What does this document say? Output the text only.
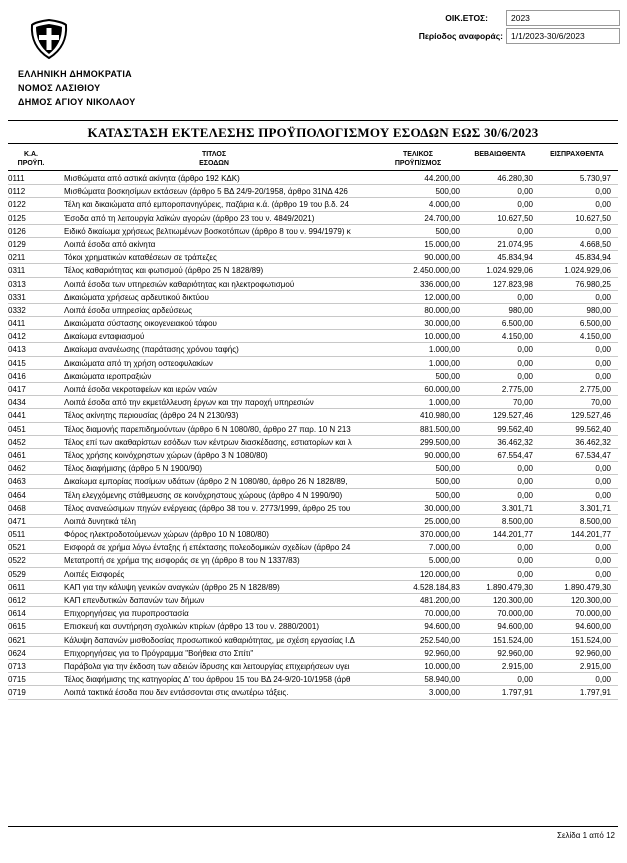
ΟΙΚ.ΕΤΟΣ:	2023
Περίοδος αναφοράς: 1/1/2023-30/6/2023
ΕΛΛΗΝΙΚΗ ΔΗΜΟΚΡΑΤΙΑ
ΝΟΜΟΣ ΛΑΣΙΘΙΟΥ
ΔΗΜΟΣ ΑΓΙΟΥ ΝΙΚΟΛΑΟΥ
ΚΑΤΑΣΤΑΣΗ ΕΚΤΕΛΕΣΗΣ ΠΡΟΫΠΟΛΟΓΙΣΜΟΥ ΕΣΟΔΩΝ ΕΩΣ 30/6/2023
Κ.Α.
ΠΡΟΫΠ.
ΤΙΤΛΟΣ
ΕΣΟΔΩΝ
ΤΕΛΙΚΟΣ
ΠΡΟΫΠ/ΣΜΟΣ
ΒΕΒΑΙΩΘΕΝΤΑ	ΕΙΣΠΡΑΧΘΕΝΤΑ
0111	Μισθώματα από αστικά ακίνητα (άρθρο 192 ΚΔΚ)	44.200,00	46.280,30	5.730,97
0112	Μισθώματα βοσκησίμων εκτάσεων (άρθρο 5 ΒΔ 24/9-20/1958, άρθρο 31ΝΔ 426	500,00	0,00	0,00
0122	Τέλη και δικαιώματα από εμποροπανηγύρεις, παζάρια κ.ά. (άρθρο 19 του β.δ. 24	4.000,00	0,00	0,00
0125	Έσοδα από τη λειτουργία λαϊκών αγορών (άρθρο 23 του ν. 4849/2021)	24.700,00	10.627,50	10.627,50
0126	Ειδικό δικαίωμα χρήσεως βελτιωμένων βοσκοτόπων (άρθρο 8 του ν. 994/1979) κ	500,00	0,00	0,00
0129	Λοιπά έσοδα από ακίνητα	15.000,00	21.074,95	4.668,50
0211	Τόκοι χρηματικών καταθέσεων σε τράπεζες	90.000,00	45.834,94	45.834,94
0311	Τέλος καθαριότητας και φωτισμού (άρθρο 25 Ν 1828/89)	2.450.000,00	1.024.929,06	1.024.929,06
0313	Λοιπά έσοδα των υπηρεσιών καθαριότητας και ηλεκτροφωτισμού	336.000,00	127.823,98	76.980,25
0331	Δικαιώματα χρήσεως αρδευτικού δικτύου	12.000,00	0,00	0,00
0332	Λοιπά έσοδα υπηρεσίας αρδεύσεως	80.000,00	980,00	980,00
0411	Δικαιώματα σύστασης οικογενειακού τάφου	30.000,00	6.500,00	6.500,00
0412	Δικαίωμα ενταφιασμού	10.000,00	4.150,00	4.150,00
0413	Δικαίωμα ανανέωσης (παράτασης χρόνου ταφής)	1.000,00	0,00	0,00
0415	Δικαιώματα από τη χρήση οστεοφυλακίων	1.000,00	0,00	0,00
0416	Δικαιώματα ιεροπραξιών	500,00	0,00	0,00
0417	Λοιπά έσοδα νεκροταφείων και ιερών ναών	60.000,00	2.775,00	2.775,00
0434	Λοιπά έσοδα από την εκμετάλλευση έργων και την παροχή υπηρεσιών	1.000,00	70,00	70,00
0441	Τέλος ακίνητης περιουσίας (άρθρο 24 Ν 2130/93)	410.980,00	129.527,46	129.527,46
0451	Τέλος διαμονής παρεπιδημούντων (άρθρο 6 Ν 1080/80, άρθρο 27 παρ. 10 Ν 213	881.500,00	99.562,40	99.562,40
0452	Τέλος επί των ακαθαρίστων εσόδων των κέντρων διασκέδασης, εστιατορίων και λ	299.500,00	36.462,32	36.462,32
0461	Τέλος χρήσης κοινόχρηστων χώρων (άρθρο 3 Ν 1080/80)	90.000,00	67.554,47	67.534,47
0462	Τέλος διαφήμισης (άρθρο 5 Ν 1900/90)	500,00	0,00	0,00
0463	Δικαίωμα εμπορίας ποσίμων υδάτων (άρθρο 2 Ν 1080/80, άρθρο 26 Ν 1828/89,	500,00	0,00	0,00
0464	Τέλη ελεγχόμενης στάθμευσης σε κοινόχρηστους χώρους (άρθρο 4 Ν 1990/90)	500,00	0,00	0,00
0468	Τέλος ανανεώσιμων πηγών ενέργειας (άρθρο 38 του ν. 2773/1999, άρθρο 25 του	30.000,00	3.301,71	3.301,71
0471	Λοιπά δυνητικά τέλη	25.000,00	8.500,00	8.500,00
0511	Φόρος ηλεκτροδοτούμενων χώρων (άρθρο 10 Ν 1080/80)	370.000,00	144.201,77	144.201,77
0521	Εισφορά σε χρήμα λόγω ένταξης ή επέκτασης πολεοδομικών σχεδίων (άρθρο 24	7.000,00	0,00	0,00
0522	Μετατροπή σε χρήμα της εισφοράς σε γη (άρθρο 8 του Ν 1337/83)	5.000,00	0,00	0,00
0529	Λοιπές Εισφορές	120.000,00	0,00	0,00
0611	ΚΑΠ για την κάλυψη γενικών αναγκών (άρθρο 25 Ν 1828/89)	4.528.184,83	1.890.479,30	1.890.479,30
0612	ΚΑΠ επενδυτικών δαπανών των δήμων	481.200,00	120.300,00	120.300,00
0614	Επιχορηγήσεις για πυροπροστασία	70.000,00	70.000,00	70.000,00
0615	Επισκευή και συντήρηση σχολικών κτιρίων (άρθρο 13 του ν. 2880/2001)	94.600,00	94.600,00	94.600,00
0621	Κάλυψη δαπανών μισθοδοσίας προσωπικού καθαριότητας, με σχέση εργασίας Ι.Δ	252.540,00	151.524,00	151.524,00
0624	Επιχορηγήσεις για το Πρόγραμμα "Βοήθεια στο Σπίτι"	92.960,00	92.960,00	92.960,00
0713	Παράβολα για την έκδοση των αδειών ίδρυσης και λειτουργίας επιχειρήσεων υγει	10.000,00	2.915,00	2.915,00
0715	Τέλος διαφήμισης της κατηγορίας Δ' του άρθρου 15 του ΒΔ 24-9/20-10/1958 (άρθ	58.940,00	0,00	0,00
0719	Λοιπά τακτικά έσοδα που δεν εντάσσονται στις ανωτέρω τάξεις.	3.000,00	1.797,91	1.797,91
Σελίδα 1 από 12
